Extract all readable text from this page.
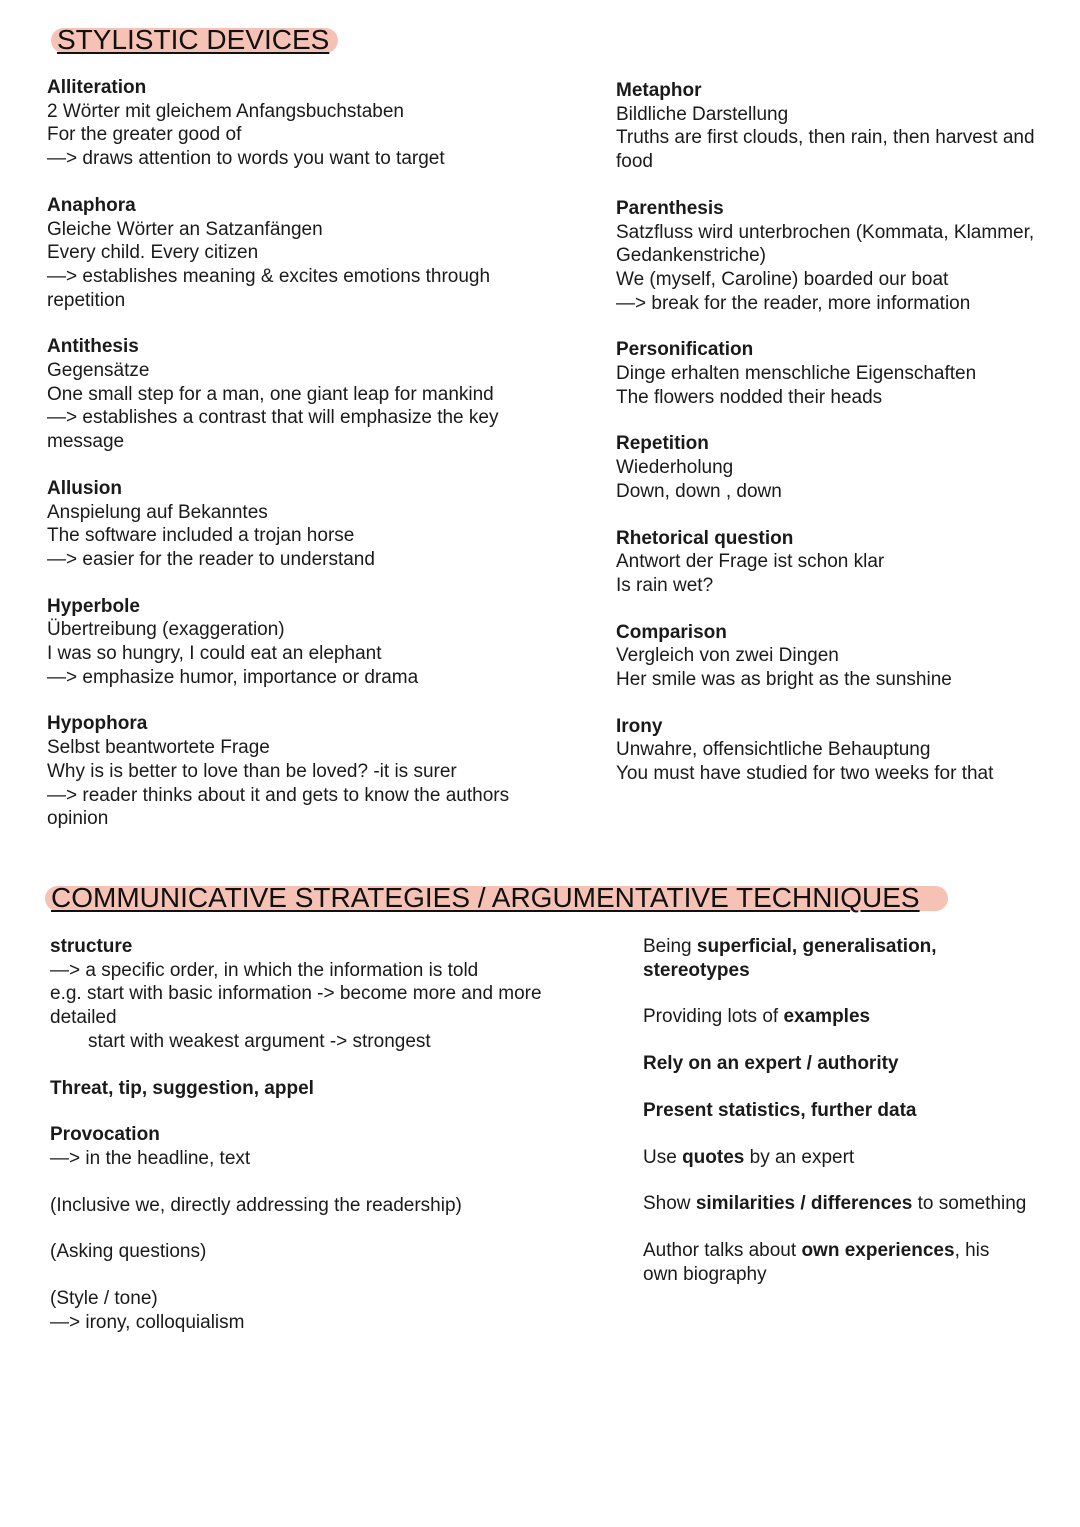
STYLISTIC DEVICES
Alliteration
2 Wörter mit gleichem Anfangsbuchstaben
For the greater good of
—> draws attention to words you want to target
Anaphora
Gleiche Wörter an Satzanfängen
Every child. Every citizen
—> establishes meaning & excites emotions through
repetition
Antithesis
Gegensätze
One small step for a man, one giant leap for mankind
—> establishes a contrast that will emphasize the key
message
Allusion
Anspielung auf Bekanntes
The software included a trojan horse
—> easier for the reader to understand
Hyperbole
Übertreibung (exaggeration)
I was so hungry, I could eat an elephant
—> emphasize humor, importance or drama
Hypophora
Selbst beantwortete Frage
Why is is better to love than be loved? -it is surer
—> reader thinks about it and gets to know the authors
opinion
Metaphor
Bildliche Darstellung
Truths are first clouds, then rain, then harvest and
food
Parenthesis
Satzfluss wird unterbrochen (Kommata, Klammer,
Gedankenstriche)
We (myself, Caroline) boarded our boat
—> break for the reader, more information
Personification
Dinge erhalten menschliche Eigenschaften
The flowers nodded their heads
Repetition
Wiederholung
Down, down , down
Rhetorical question
Antwort der Frage ist schon klar
Is rain wet?
Comparison
Vergleich von zwei Dingen
Her smile was as bright as the sunshine
Irony
Unwahre, offensichtliche Behauptung
You must have studied for two weeks for that
COMMUNICATIVE STRATEGIES / ARGUMENTATIVE TECHNIQUES
structure
—> a specific order, in which the information is told
e.g. start with basic information -> become more and more
detailed
start with weakest argument -> strongest
Threat, tip, suggestion, appel
Provocation
—> in the headline, text
(Inclusive we, directly addressing the readership)
(Asking questions)
(Style / tone)
—> irony, colloquialism
Being superficial, generalisation,
stereotypes
Providing lots of examples
Rely on an expert / authority
Present statistics, further data
Use quotes by an expert
Show similarities / differences to something
Author talks about own experiences, his
own biography
